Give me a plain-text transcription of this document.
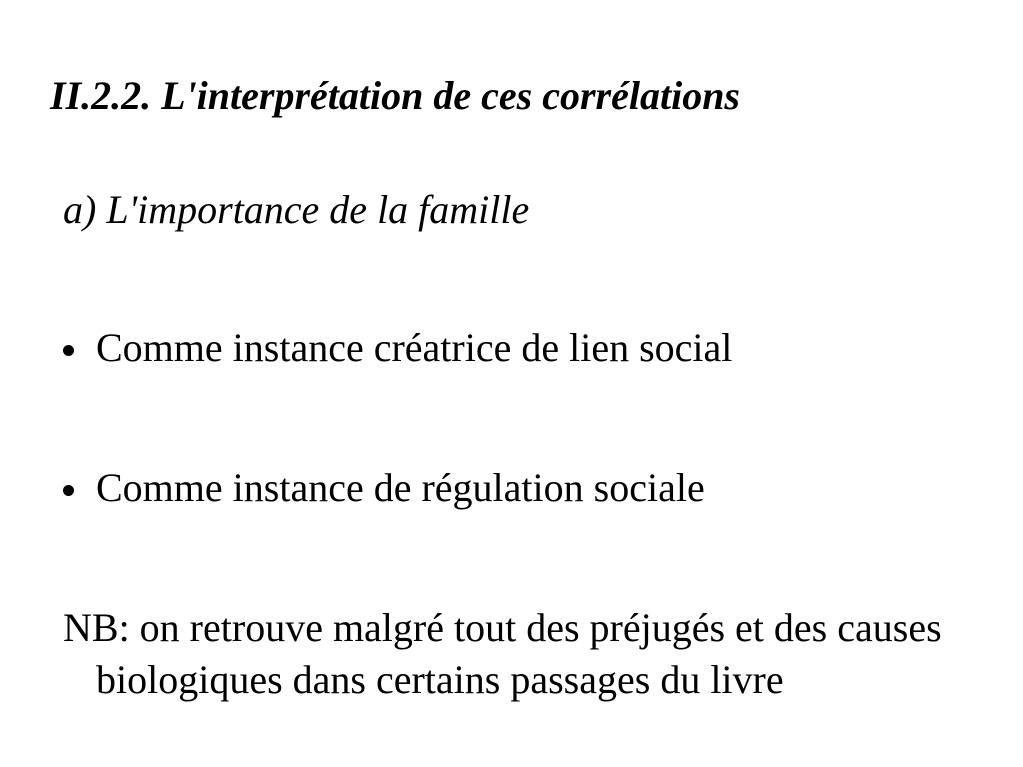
II.2.2. L'interprétation de ces corrélations
a) L'importance de la famille
Comme instance créatrice de lien social
Comme instance de régulation sociale
NB: on retrouve malgré tout des préjugés et des causes biologiques dans certains passages du livre
